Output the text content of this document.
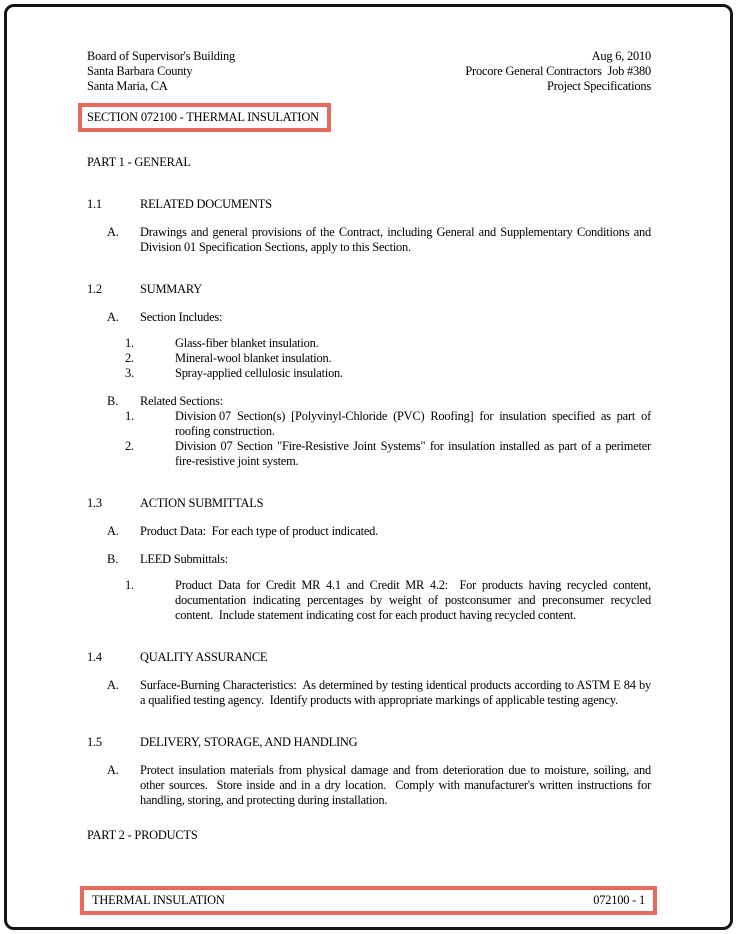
Board of Supervisor's Building
Santa Barbara County
Santa Maria, CA
Aug 6, 2010
Procore General Contractors  Job #380
Project Specifications
SECTION 072100 - THERMAL INSULATION
PART 1 - GENERAL
1.1	RELATED DOCUMENTS
A.	Drawings and general provisions of the Contract, including General and Supplementary Conditions and Division 01 Specification Sections, apply to this Section.
1.2	SUMMARY
A.	Section Includes:
1.	Glass-fiber blanket insulation.
2.	Mineral-wool blanket insulation.
3.	Spray-applied cellulosic insulation.
B.	Related Sections:
1.	Division 07  Section(s)  [Polyvinyl-Chloride  (PVC)  Roofing]  for  insulation  specified  as  part  of roofing construction.
2.	Division 07 Section "Fire-Resistive Joint Systems" for insulation installed as part of a perimeter fire-resistive joint system.
1.3	ACTION SUBMITTALS
A.	Product Data:  For each type of product indicated.
B.	LEED Submittals:
1.	Product Data for Credit MR 4.1 and Credit MR 4.2:  For products having recycled content, documentation indicating percentages by weight of postconsumer and preconsumer recycled content.  Include statement indicating cost for each product having recycled content.
1.4	QUALITY ASSURANCE
A.	Surface-Burning Characteristics:  As determined by testing identical products according to ASTM E 84 by a qualified testing agency.  Identify products with appropriate markings of applicable testing agency.
1.5	DELIVERY, STORAGE, AND HANDLING
A.	Protect insulation materials from physical damage and from deterioration due to moisture, soiling, and other sources.  Store inside and in a dry location.  Comply with manufacturer's written instructions for handling, storing, and protecting during installation.
PART 2 - PRODUCTS
THERMAL INSULATION	072100 - 1
